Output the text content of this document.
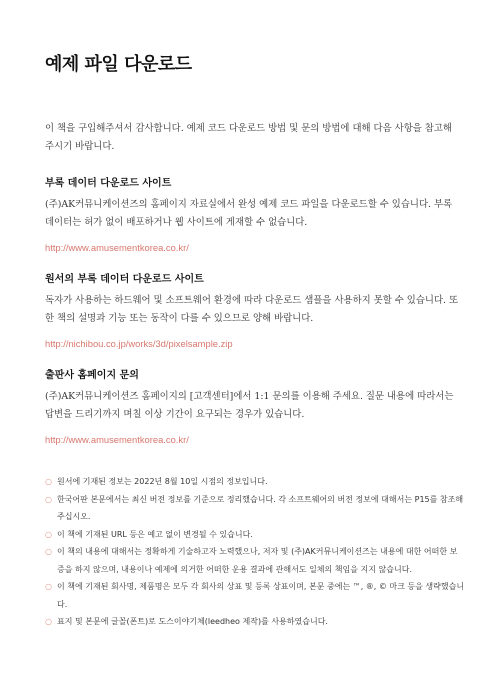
예제 파일 다운로드

이 책을 구입해주셔서 감사합니다. 예제 코드 다운로드 방법 및 문의 방법에 대해 다음 사항을 참고해주시기 바랍니다.

부록 데이터 다운로드 사이트

(주)AK커뮤니케이션즈의 홈페이지 자료실에서 완성 예제 코드 파일을 다운로드할 수 있습니다. 부록 데이터는 허가 없이 배포하거나 웹 사이트에 게재할 수 없습니다.

http://www.amusementkorea.co.kr/
원서의 부록 데이터 다운로드 사이트

독자가 사용하는 하드웨어 및 소프트웨어 환경에 따라 다운로드 샘플을 사용하지 못할 수 있습니다. 또한 책의 설명과 기능 또는 동작이 다를 수 있으므로 양해 바랍니다.

http://nichibou.co.jp/works/3d/pixelsample.zip
출판사 홈페이지 문의

(주)AK커뮤니케이션즈 홈페이지의 [고객센터]에서 1:1 문의를 이용해 주세요. 질문 내용에 따라서는 답변을 드리기까지 며칠 이상 기간이 요구되는 경우가 있습니다.

http://www.amusementkorea.co.kr/
○ 원서에 기재된 정보는 2022년 8월 10일 시점의 정보입니다.
○ 한국어판 본문에서는 최신 버전 정보를 기준으로 정리했습니다. 각 소프트웨어의 버전 정보에 대해서는 P15를 참조해주십시오.
○ 이 책에 기재된 URL 등은 예고 없이 변경될 수 있습니다.
○ 이 책의 내용에 대해서는 정확하게 기술하고자 노력했으나, 저자 및 (주)AK커뮤니케이션즈는 내용에 대한 어떠한 보증을 하지 않으며, 내용이나 예제에 의거한 어떠한 운용 결과에 관해서도 일체의 책임을 지지 않습니다.
○ 이 책에 기재된 회사명, 제품명은 모두 각 회사의 상표 및 등록 상표이며, 본문 중에는 ™, ®, © 마크 등을 생략했습니다.
○ 표지 및 본문에 글꼴(폰트)로 도스이야기체(leedheo 제작)를 사용하였습니다.
